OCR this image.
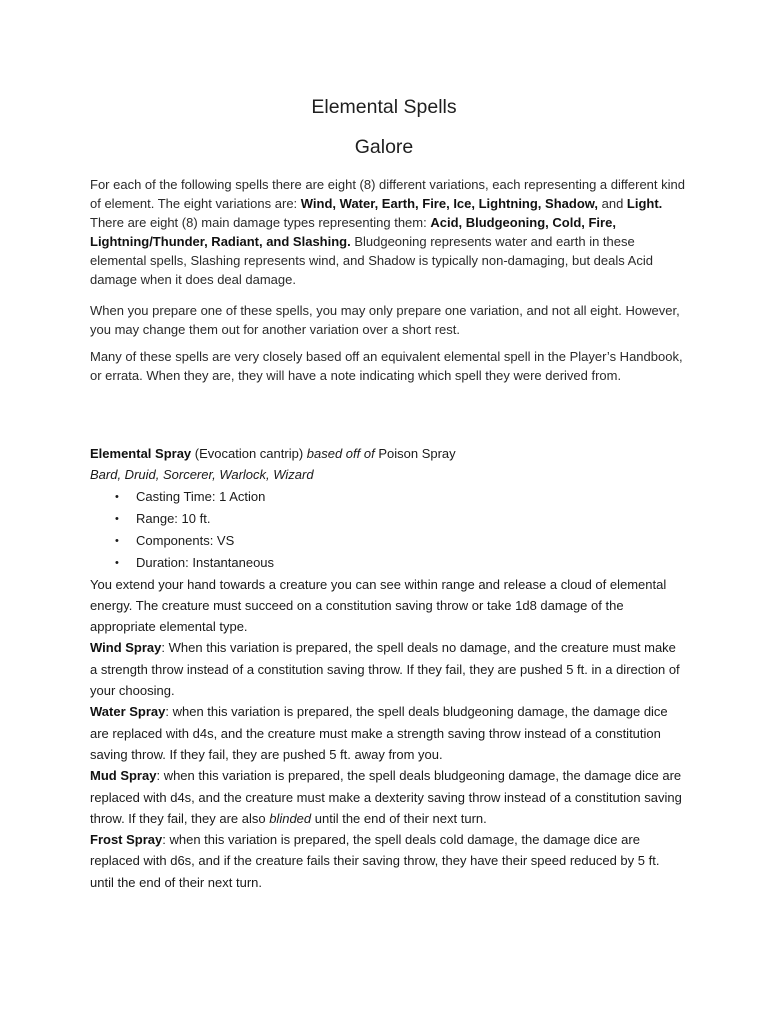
Elemental Spells
Galore

For each of the following spells there are eight (8) different variations, each representing a different kind of element. The eight variations are: Wind, Water, Earth, Fire, Ice, Lightning, Shadow, and Light. There are eight (8) main damage types representing them: Acid, Bludgeoning, Cold, Fire, Lightning/Thunder, Radiant, and Slashing. Bludgeoning represents water and earth in these elemental spells, Slashing represents wind, and Shadow is typically non-damaging, but deals Acid damage when it does deal damage.

When you prepare one of these spells, you may only prepare one variation, and not all eight. However, you may change them out for another variation over a short rest.

Many of these spells are very closely based off an equivalent elemental spell in the Player’s Handbook, or errata. When they are, they will have a note indicating which spell they were derived from.

Elemental Spray (Evocation cantrip) based off of Poison Spray

Bard, Druid, Sorcerer, Warlock, Wizard

• Casting Time: 1 Action
• Range: 10 ft.
• Components: VS
• Duration: Instantaneous

You extend your hand towards a creature you can see within range and release a cloud of elemental energy. The creature must succeed on a constitution saving throw or take 1d8 damage of the appropriate elemental type.

Wind Spray: When this variation is prepared, the spell deals no damage, and the creature must make a strength throw instead of a constitution saving throw. If they fail, they are pushed 5 ft. in a direction of your choosing.

Water Spray: when this variation is prepared, the spell deals bludgeoning damage, the damage dice are replaced with d4s, and the creature must make a strength saving throw instead of a constitution saving throw. If they fail, they are pushed 5 ft. away from you.

Mud Spray: when this variation is prepared, the spell deals bludgeoning damage, the damage dice are replaced with d4s, and the creature must make a dexterity saving throw instead of a constitution saving throw. If they fail, they are also blinded until the end of their next turn.

Frost Spray: when this variation is prepared, the spell deals cold damage, the damage dice are replaced with d6s, and if the creature fails their saving throw, they have their speed reduced by 5 ft. until the end of their next turn.
